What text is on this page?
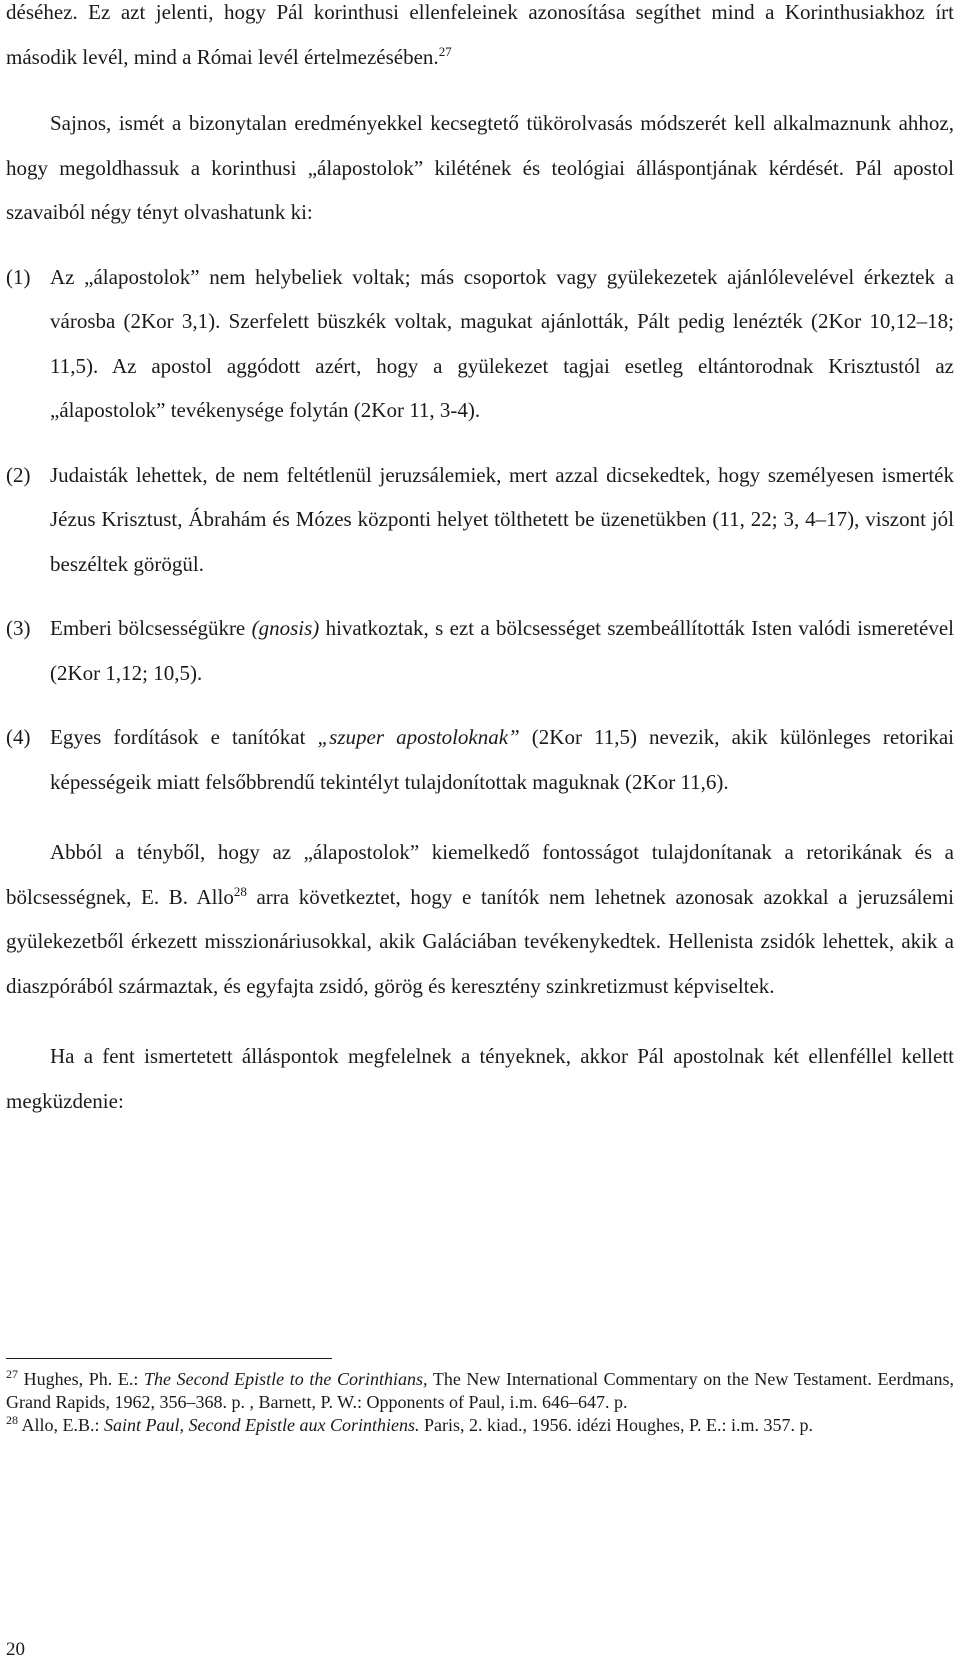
déséhez. Ez azt jelenti, hogy Pál korinthusi ellenfeleinek azonosítása segíthet mind a Korinthusiakhoz írt második levél, mind a Római levél értelmezésében.$^{27}$

Sajnos, ismét a bizonytalan eredményekkel kecsegtető tükörolvasás módszerét kell alkalmaznunk ahhoz, hogy megoldhassuk a korinthusi „álapostolok” kilétének és teológiai álláspontjának kérdését. Pál apostol szavaiból négy tényt olvashatunk ki:

(1) Az „álapostolok” nem helybeliek voltak; más csoportok vagy gyülekezetek ajánlólevelével érkeztek a városba (2Kor 3,1). Szerfelett büszkék voltak, magukat ajánlották, Pált pedig lenézték (2Kor 10,12–18; 11,5). Az apostol aggódott azért, hogy a gyülekezet tagjai esetleg eltántorodnak Krisztustól az „álapostolok” tevékenysége folytán (2Kor 11, 3-4).
(2) Judaisták lehettek, de nem feltétlenül jeruzsálemiek, mert azzal dicsekedtek, hogy személyesen ismerték Jézus Krisztust, Ábrahám és Mózes központi helyet tölthetett be üzenetükben (11, 22; 3, 4–17), viszont jól beszéltek görögül.
(3) Emberi bölcsességükre (gnosis) hivatkoztak, s ezt a bölcsességet szembeállították Isten valódi ismeretével (2Kor 1,12; 10,5).
(4) Egyes fordítások e tanítókat „szuper apostoloknak” (2Kor 11,5) nevezik, akik különleges retorikai képességeik miatt felsőbbrendű tekintélyt tulajdonítottak maguknak (2Kor 11,6).

Abból a tényből, hogy az „álapostolok” kiemelkedő fontosságot tulajdonítanak a retorikának és a bölcsességnek, E. B. Allo$^{28}$ arra következtet, hogy e tanítók nem lehetnek azonosak azokkal a jeruzsálemi gyülekezetből érkezett misszionáriusokkal, akik Galáciában tevékenykedtek. Hellenista zsidók lehettek, akik a diaszpórából származtak, és egyfajta zsidó, görög és keresztény szinkretizmust képviseltek.

Ha a fent ismertetett álláspontok megfelelnek a tényeknek, akkor Pál apostolnak két ellenféllel kellett megküzdenie:

$^{27}$ Hughes, Ph. E.: The Second Epistle to the Corinthians, The New International Commentary on the New Testament. Eerdmans, Grand Rapids, 1962, 356–368. p. , Barnett, P. W.: Opponents of Paul, i.m. 646–647. p.

$^{28}$ Allo, E.B.: Saint Paul, Second Epistle aux Corinthiens. Paris, 2. kiad., 1956. idézi Houghes, P. E.: i.m. 357. p.

20
